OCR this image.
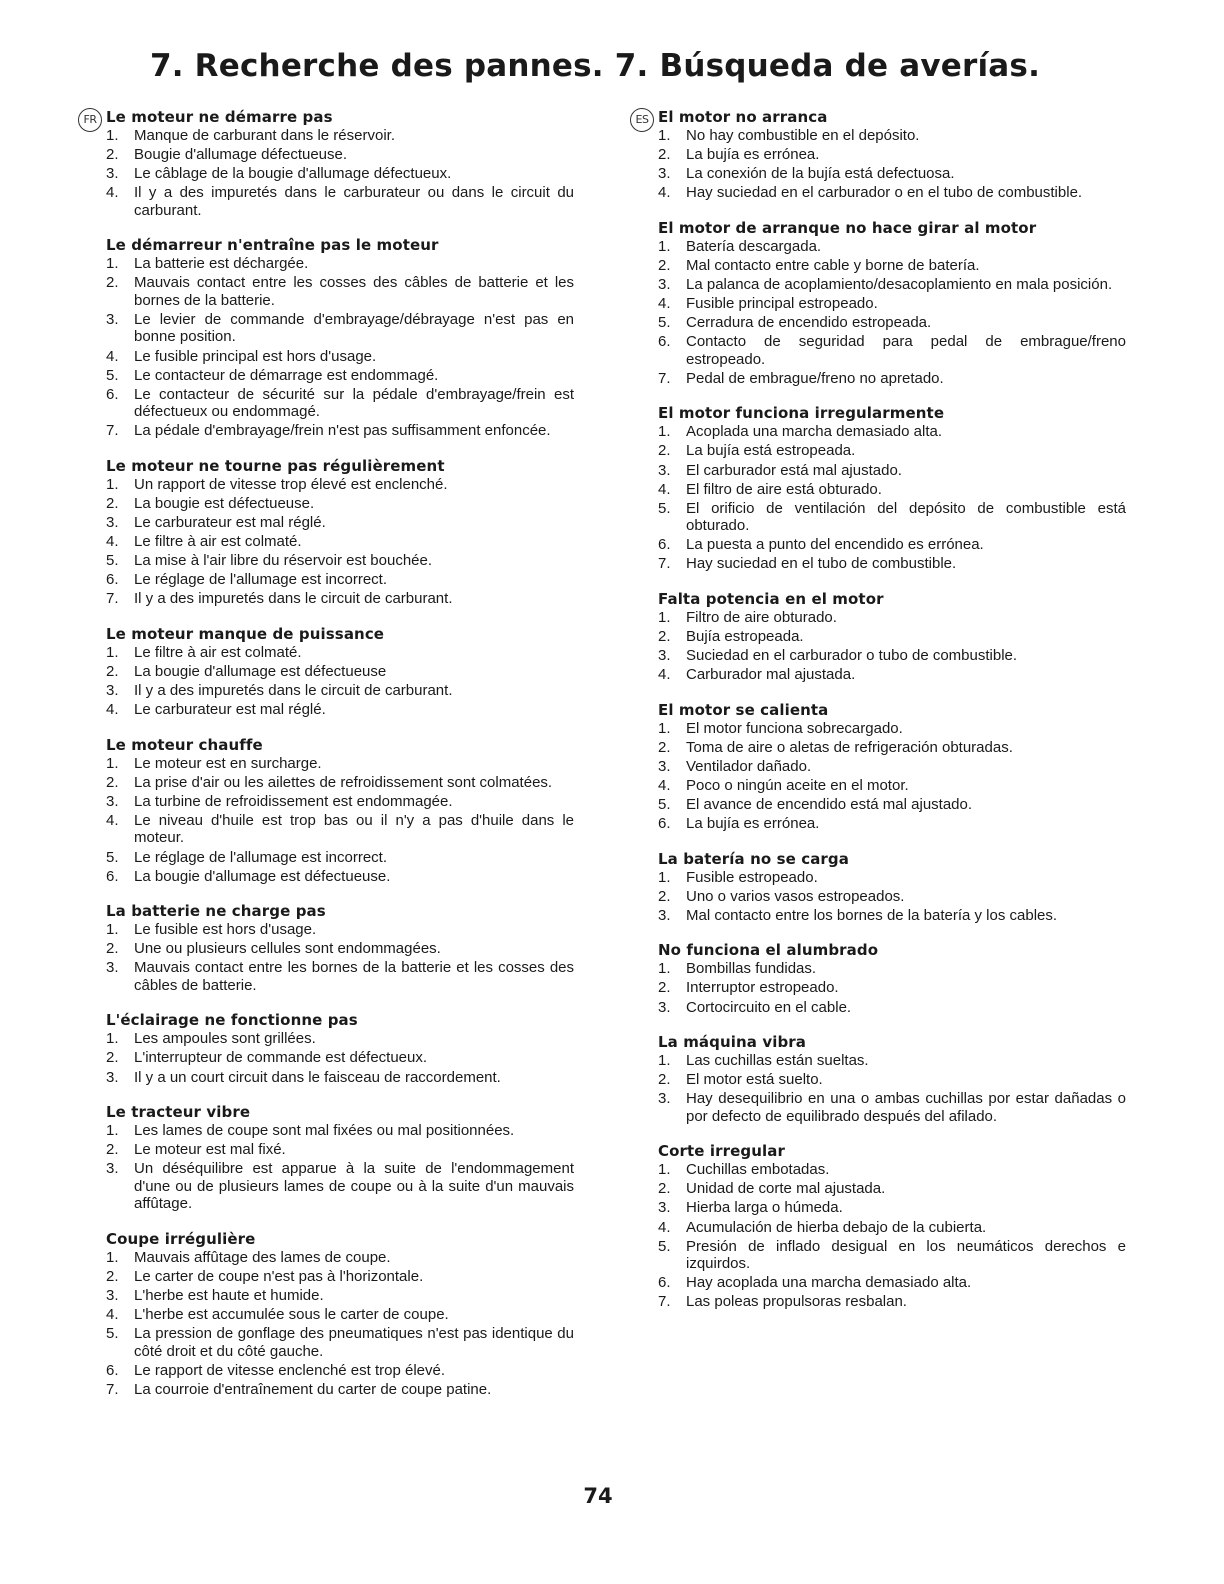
7. Recherche des pannes. 7. Búsqueda de averías.
FR Le moteur ne démarre pas
1. Manque de carburant dans le réservoir.
2. Bougie d'allumage défectueuse.
3. Le câblage de la bougie d'allumage défectueux.
4. Il y a des impuretés dans le carburateur ou dans le circuit du carburant.
Le démarreur n'entraîne pas le moteur
1. La batterie est déchargée.
2. Mauvais contact entre les cosses des câbles de batterie et les bornes de la batterie.
3. Le levier de commande d'embrayage/débrayage n'est pas en bonne position.
4. Le fusible principal est hors d'usage.
5. Le contacteur de démarrage est endommagé.
6. Le contacteur de sécurité sur la pédale d'embrayage/frein est défectueux ou endommagé.
7. La pédale d'embrayage/frein n'est pas suffisamment enfoncée.
Le moteur ne tourne pas régulièrement
1. Un rapport de vitesse trop élevé est enclenché.
2. La bougie est défectueuse.
3. Le carburateur est mal réglé.
4. Le filtre à air est colmaté.
5. La mise à l'air libre du réservoir est bouchée.
6. Le réglage de l'allumage est incorrect.
7. Il y a des impuretés dans le circuit de carburant.
Le moteur manque de puissance
1. Le filtre à air est colmaté.
2. La bougie d'allumage est défectueuse
3. Il y a des impuretés dans le circuit de carburant.
4. Le carburateur est mal réglé.
Le moteur chauffe
1. Le moteur est en surcharge.
2. La prise d'air ou les ailettes de refroidissement sont colmatées.
3. La turbine de refroidissement est endommagée.
4. Le niveau d'huile est trop bas ou il n'y a pas d'huile dans le moteur.
5. Le réglage de l'allumage est incorrect.
6. La bougie d'allumage est défectueuse.
La batterie ne charge pas
1. Le fusible est hors d'usage.
2. Une ou plusieurs cellules sont endommagées.
3. Mauvais contact entre les bornes de la batterie et les cosses des câbles de batterie.
L'éclairage ne fonctionne pas
1. Les ampoules sont grillées.
2. L'interrupteur de commande est défectueux.
3. Il y a un court circuit dans le faisceau de raccordement.
Le tracteur vibre
1. Les lames de coupe sont mal fixées ou mal positionnées.
2. Le moteur est mal fixé.
3. Un déséquilibre est apparue à la suite de l'endommagement d'une ou de plusieurs lames de coupe ou à la suite d'un mauvais affûtage.
Coupe irrégulière
1. Mauvais affûtage des lames de coupe.
2. Le carter de coupe n'est pas à l'horizontale.
3. L'herbe est haute et humide.
4. L'herbe est accumulée sous le carter de coupe.
5. La pression de gonflage des pneumatiques n'est pas identique du côté droit et du côté gauche.
6. Le rapport de vitesse enclenché est trop élevé.
7. La courroie d'entraînement du carter de coupe patine.
ES El motor no arranca
1. No hay combustible en el depósito.
2. La bujía es errónea.
3. La conexión de la bujía está defectuosa.
4. Hay suciedad en el carburador o en el tubo de combustible.
El motor de arranque no hace girar al motor
1. Batería descargada.
2. Mal contacto entre cable y borne de batería.
3. La palanca de acoplamiento/desacoplamiento en mala posición.
4. Fusible principal estropeado.
5. Cerradura de encendido estropeada.
6. Contacto de seguridad para pedal de embrague/freno estropeado.
7. Pedal de embrague/freno no apretado.
El motor funciona irregularmente
1. Acoplada una marcha demasiado alta.
2. La bujía está estropeada.
3. El carburador está mal ajustado.
4. El filtro de aire está obturado.
5. El orificio de ventilación del depósito de combustible está obturado.
6. La puesta a punto del encendido es errónea.
7. Hay suciedad en el tubo de combustible.
Falta potencia en el motor
1. Filtro de aire obturado.
2. Bujía estropeada.
3. Suciedad en el carburador o tubo de combustible.
4. Carburador mal ajustada.
El motor se calienta
1. El motor funciona sobrecargado.
2. Toma de aire o aletas de refrigeración obturadas.
3. Ventilador dañado.
4. Poco o ningún aceite en el motor.
5. El avance de encendido está mal ajustado.
6. La bujía es errónea.
La batería no se carga
1. Fusible estropeado.
2. Uno o varios vasos estropeados.
3. Mal contacto entre los bornes de la batería y los cables.
No funciona el alumbrado
1. Bombillas fundidas.
2. Interruptor estropeado.
3. Cortocircuito en el cable.
La máquina vibra
1. Las cuchillas están sueltas.
2. El motor está suelto.
3. Hay desequilibrio en una o ambas cuchillas por estar dañadas o por defecto de equilibrado después del afilado.
Corte irregular
1. Cuchillas embotadas.
2. Unidad de corte mal ajustada.
3. Hierba larga o húmeda.
4. Acumulación de hierba debajo de la cubierta.
5. Presión de inflado desigual en los neumáticos derechos e izquirdos.
6. Hay acoplada una marcha demasiado alta.
7. Las poleas propulsoras resbalan.
74
